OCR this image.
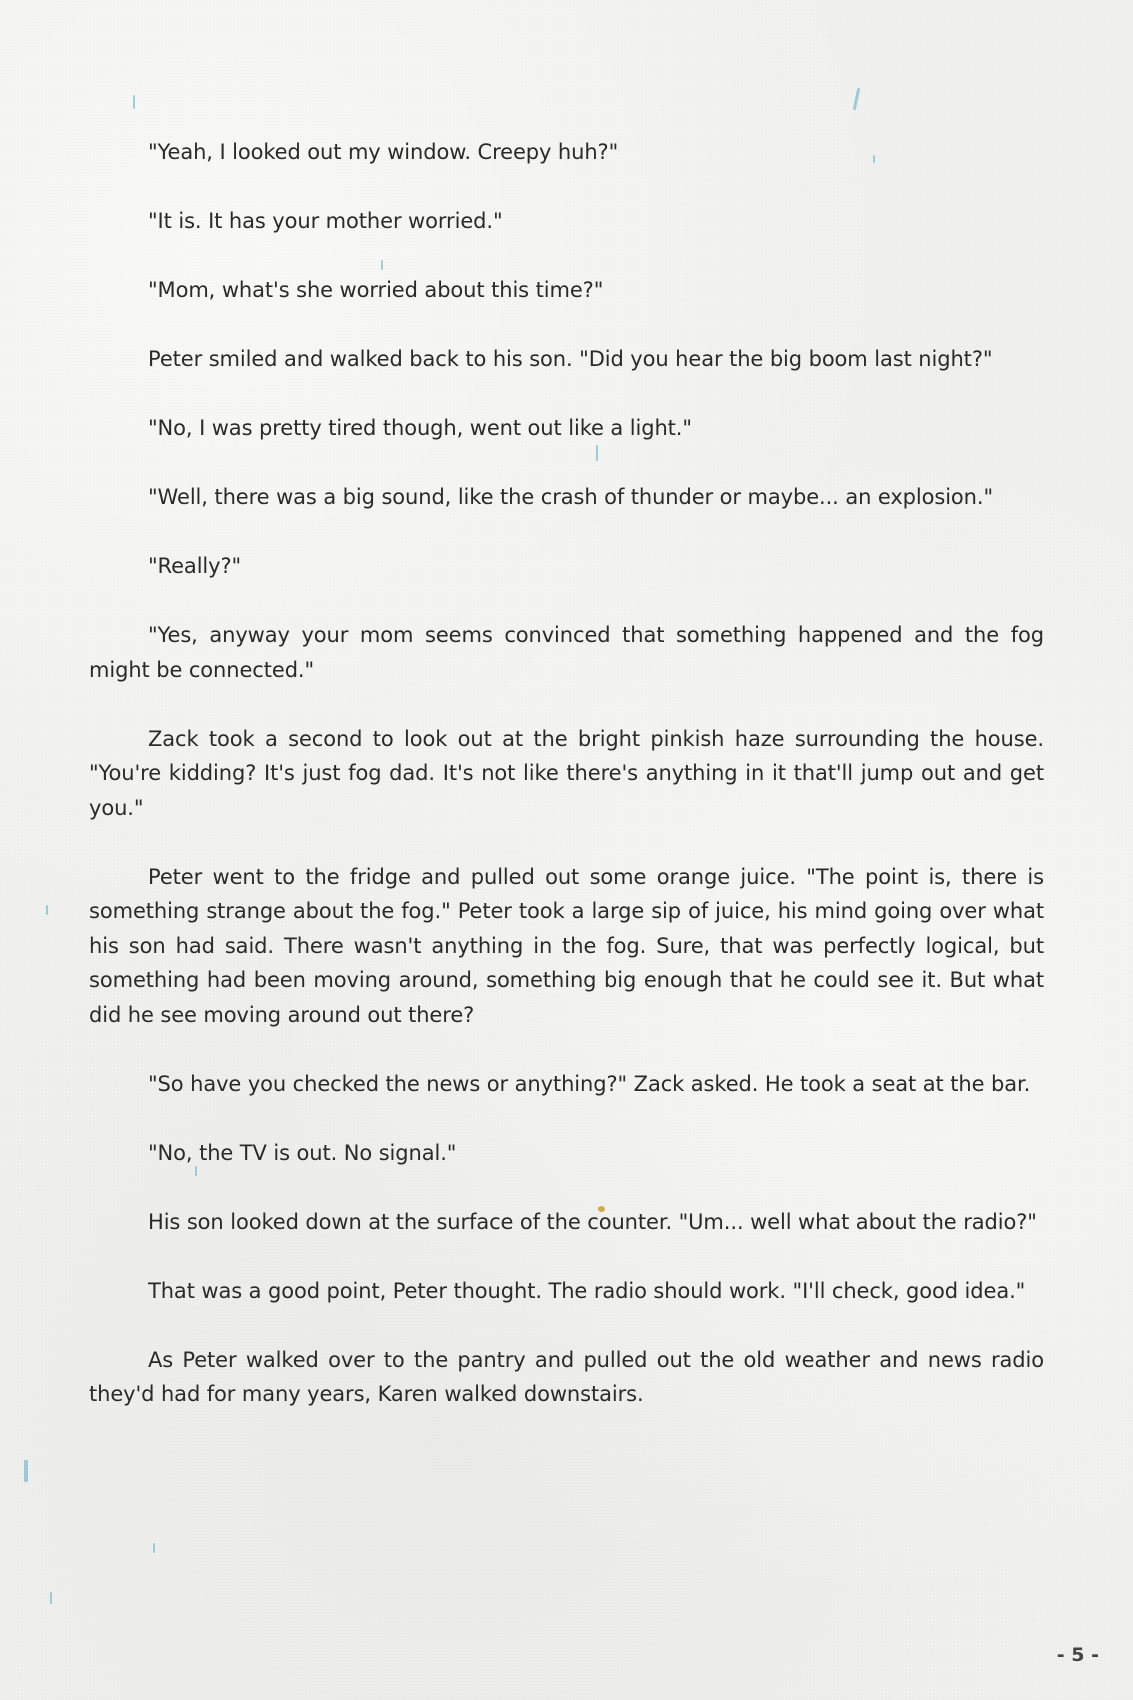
"Yeah, I looked out my window. Creepy huh?"

"It is. It has your mother worried."

"Mom, what's she worried about this time?"

Peter smiled and walked back to his son. "Did you hear the big boom last night?"

"No, I was pretty tired though, went out like a light."

"Well, there was a big sound, like the crash of thunder or maybe... an explosion."

"Really?"

"Yes, anyway your mom seems convinced that something happened and the fog might be connected."

Zack took a second to look out at the bright pinkish haze surrounding the house. "You're kidding? It's just fog dad. It's not like there's anything in it that'll jump out and get you."

Peter went to the fridge and pulled out some orange juice. "The point is, there is something strange about the fog." Peter took a large sip of juice, his mind going over what his son had said. There wasn't anything in the fog. Sure, that was perfectly logical, but something had been moving around, something big enough that he could see it. But what did he see moving around out there?

"So have you checked the news or anything?" Zack asked. He took a seat at the bar.

"No, the TV is out. No signal."

His son looked down at the surface of the counter. "Um... well what about the radio?"

That was a good point, Peter thought. The radio should work. "I'll check, good idea."

As Peter walked over to the pantry and pulled out the old weather and news radio they'd had for many years, Karen walked downstairs.

- 5 -
